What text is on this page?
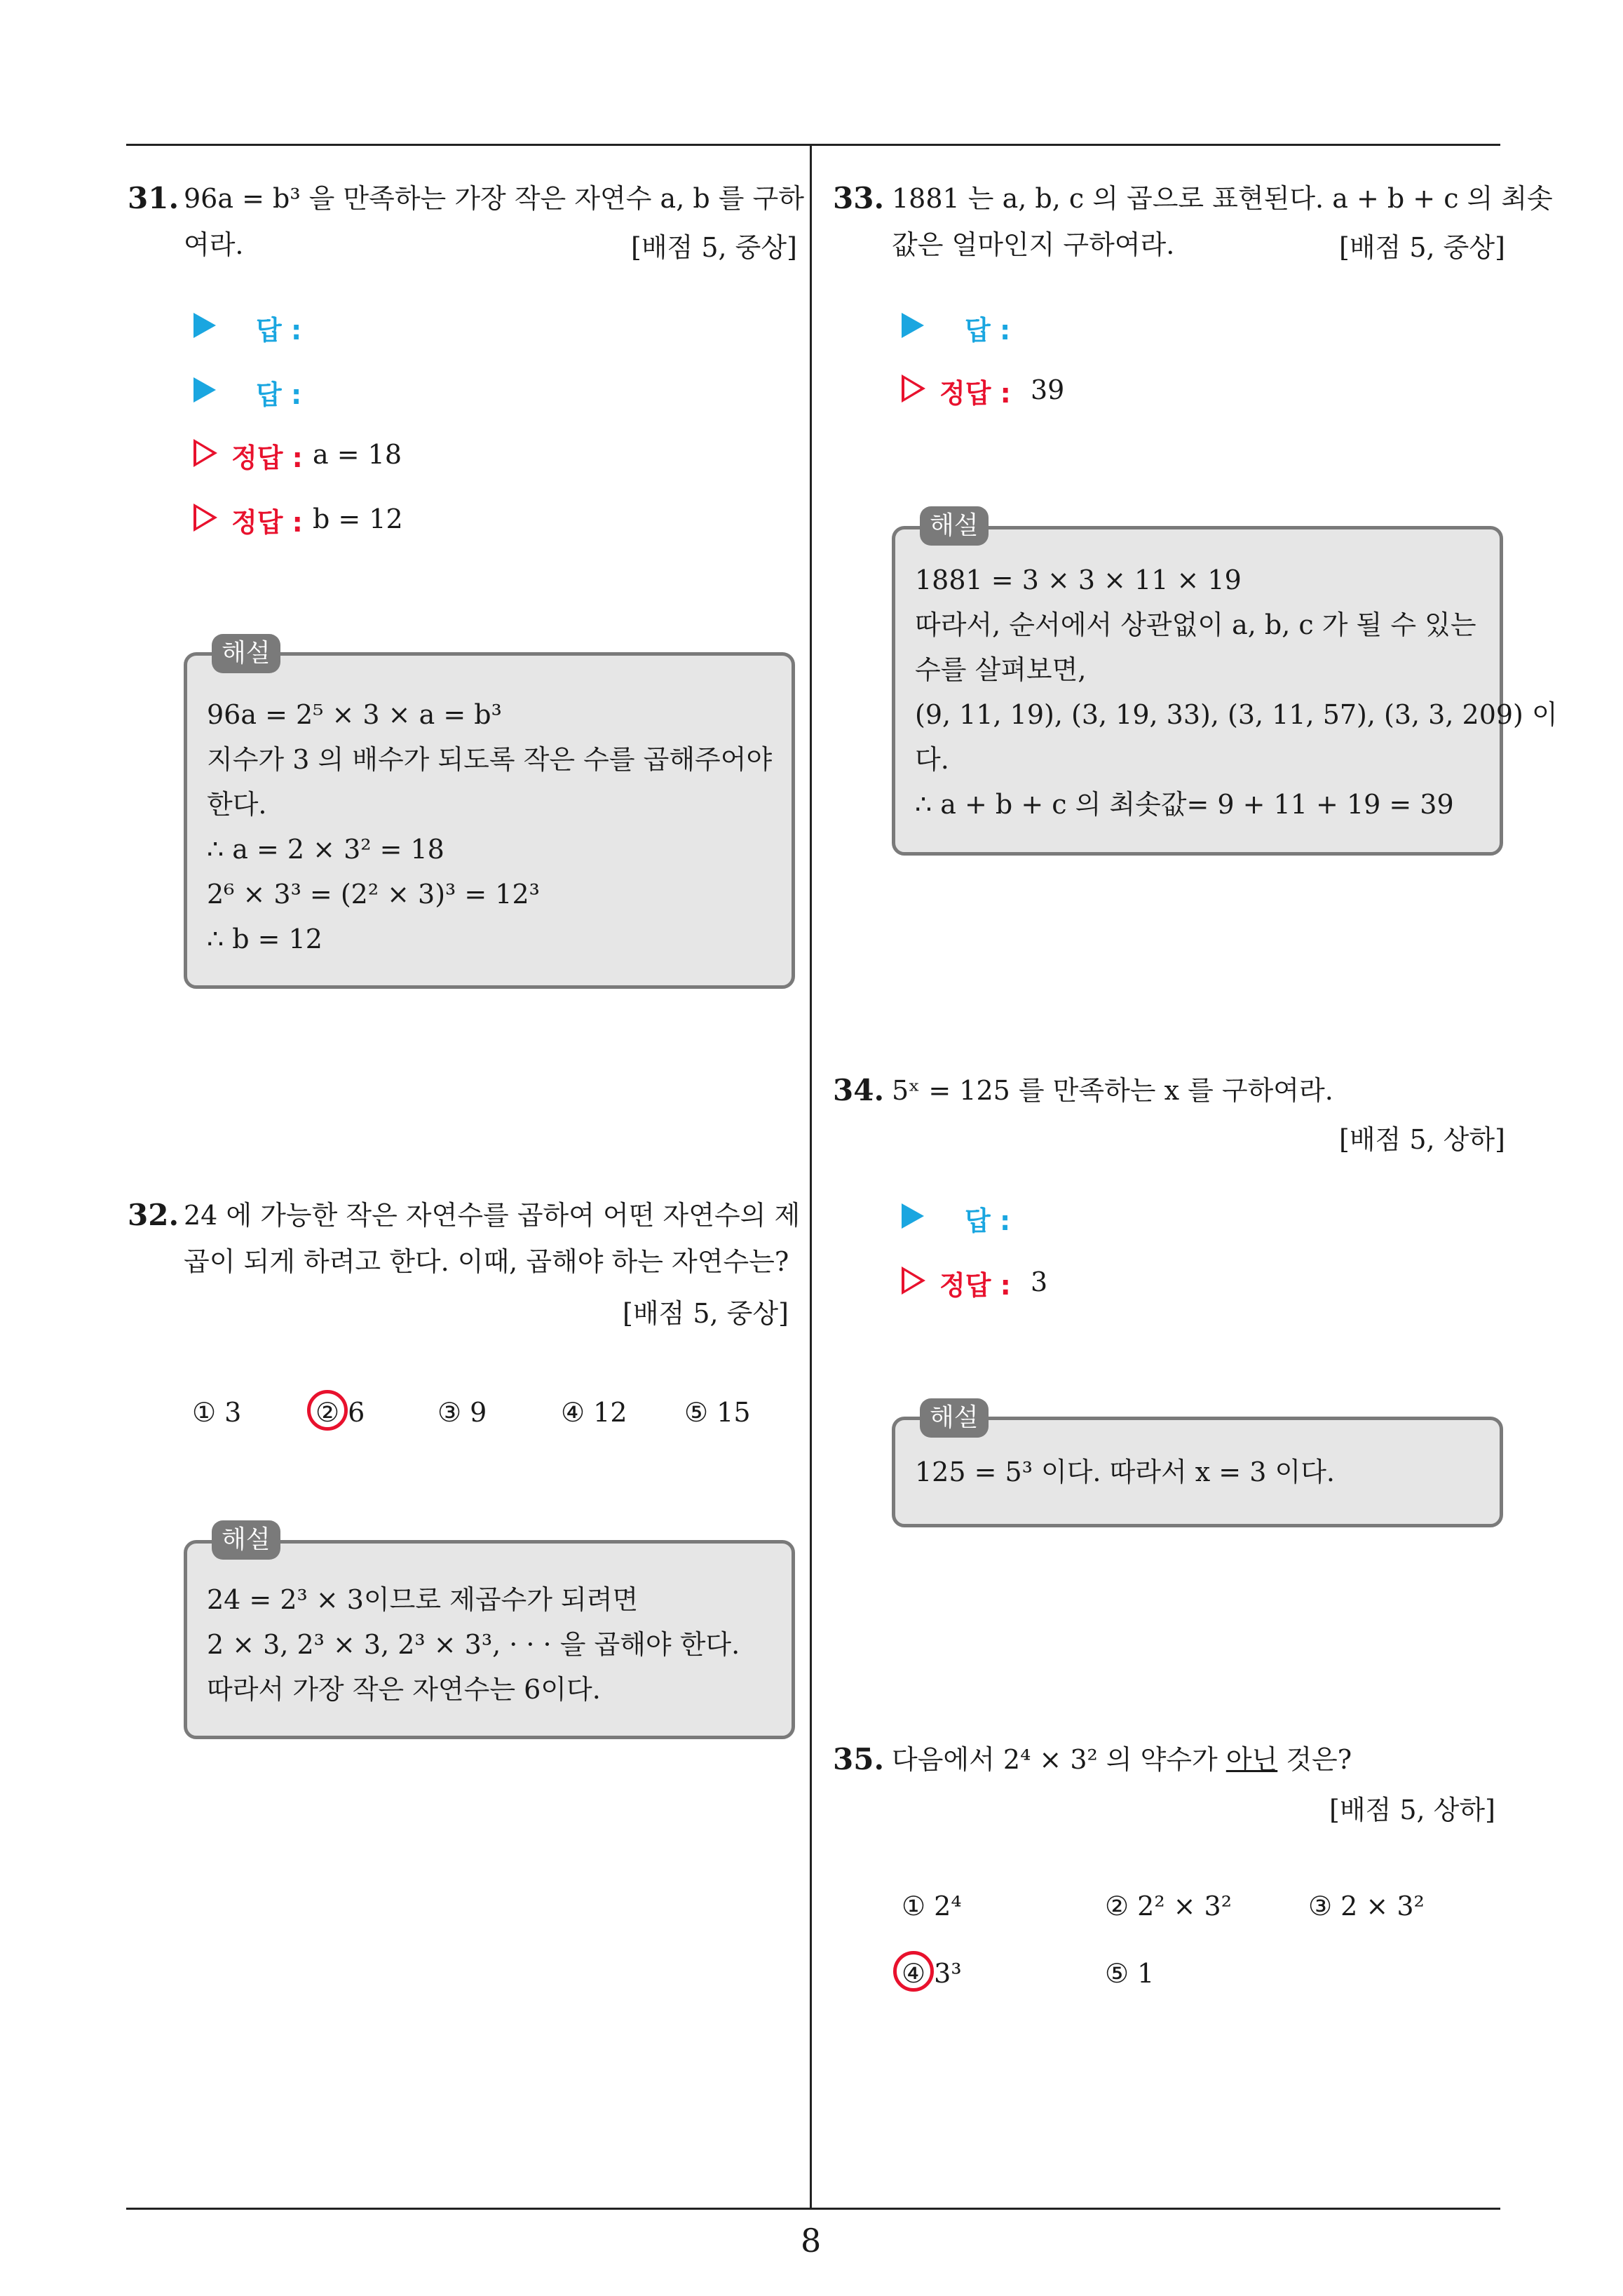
31. 96a = b³ 을 만족하는 가장 작은 자연수 a, b 를 구하
여라.	[배점 5, 중상]
답 :
답 :
정답 : a = 18
정답 : b = 12
96a = 2⁵ × 3 × a = b³
지수가 3 의 배수가 되도록 작은 수를 곱해주어야
한다.
∴ a = 2 × 3² = 18
2⁶ × 3³ = (2² × 3)³ = 12³
∴ b = 12
해설
32. 24 에 가능한 작은 자연수를 곱하여 어떤 자연수의 제
곱이 되게 하려고 한다. 이때, 곱해야 하는 자연수는?
[배점 5, 중상]
① 3	② 6	③ 9	④ 12 ⑤ 15
24 = 2³ × 3이므로 제곱수가 되려면
2 × 3, 2³ × 3, 2³ × 3³, · · · 을 곱해야 한다.
따라서 가장 작은 자연수는 6이다.
해설
33. 1881 는 a, b, c 의 곱으로 표현된다. a + b + c 의 최솟
값은 얼마인지 구하여라.	[배점 5, 중상]
답 :
정답 : 39
1881 = 3 × 3 × 11 × 19
따라서, 순서에서 상관없이 a, b, c 가 될 수 있는
수를 살펴보면,
(9, 11, 19), (3, 19, 33), (3, 11, 57), (3, 3, 209) 이
다.
∴ a + b + c 의 최솟값= 9 + 11 + 19 = 39
해설
34. 5ˣ = 125 를 만족하는 x 를 구하여라.
[배점 5, 상하]
답 :
정답 : 3
125 = 5³ 이다. 따라서 x = 3 이다.
해설
35. 다음에서 2⁴ × 3² 의 약수가 아닌 것은?
[배점 5, 상하]
① 2⁴	② 2² × 3²	③ 2 × 3²
④ 3³	⑤ 1
8
